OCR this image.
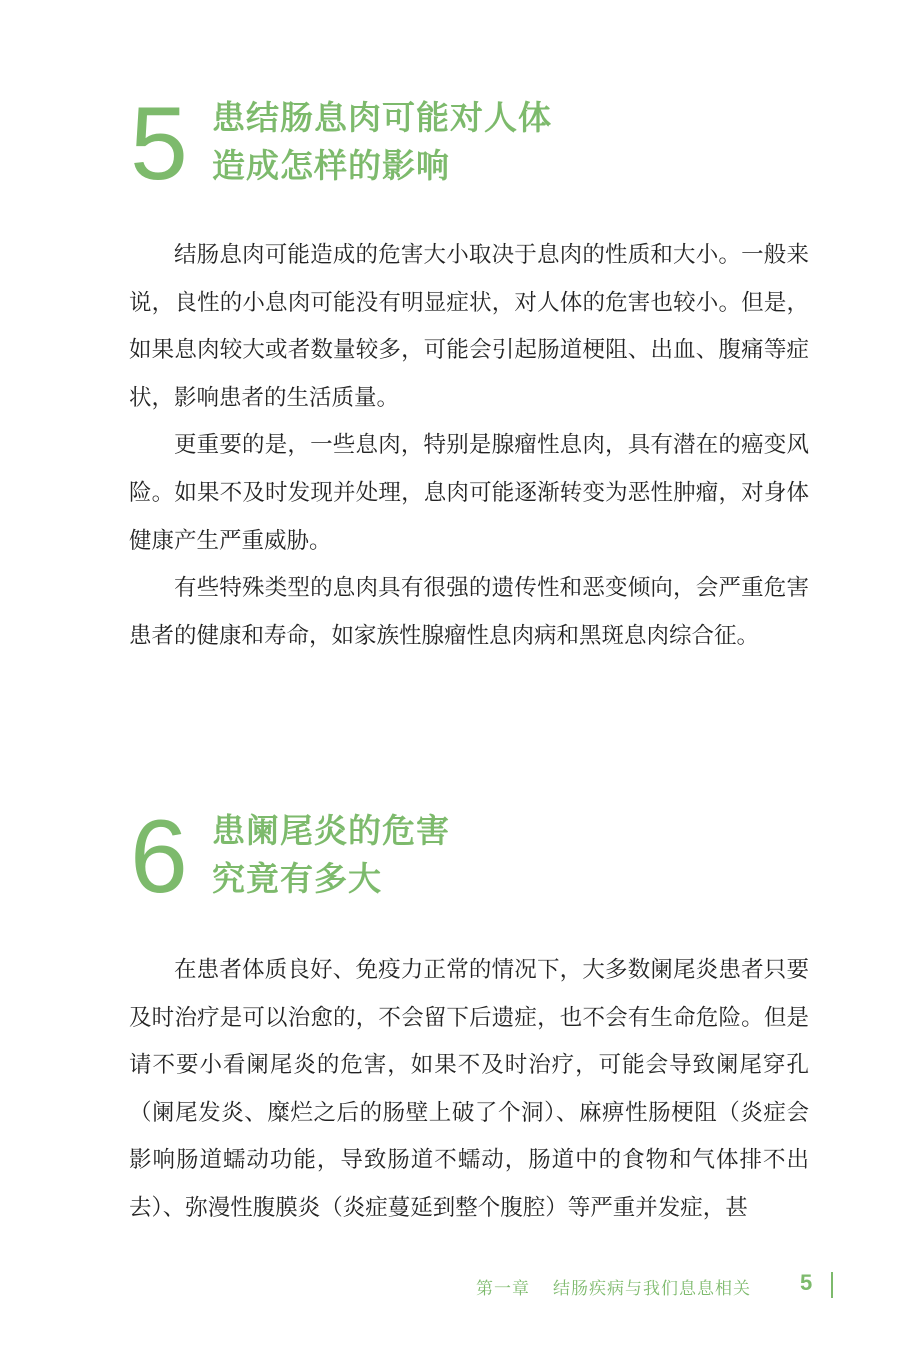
5 患结肠息肉可能对人体
造成怎样的影响

结肠息肉可能造成的危害大小取决于息肉的性质和大小。一般来说，良性的小息肉可能没有明显症状，对人体的危害也较小。但是，如果息肉较大或者数量较多，可能会引起肠道梗阻、出血、腹痛等症状，影响患者的生活质量。

更重要的是，一些息肉，特别是腺瘤性息肉，具有潜在的癌变风险。如果不及时发现并处理，息肉可能逐渐转变为恶性肿瘤，对身体健康产生严重威胁。

有些特殊类型的息肉具有很强的遗传性和恶变倾向，会严重危害患者的健康和寿命，如家族性腺瘤性息肉病和黑斑息肉综合征。

6 患阑尾炎的危害
究竟有多大

在患者体质良好、免疫力正常的情况下，大多数阑尾炎患者只要及时治疗是可以治愈的，不会留下后遗症，也不会有生命危险。但是请不要小看阑尾炎的危害，如果不及时治疗，可能会导致阑尾穿孔（阑尾发炎、糜烂之后的肠壁上破了个洞）、麻痹性肠梗阻（炎症会影响肠道蠕动功能，导致肠道不蠕动，肠道中的食物和气体排不出去）、弥漫性腹膜炎（炎症蔓延到整个腹腔）等严重并发症，甚

第一章 结肠疾病与我们息息相关 5
